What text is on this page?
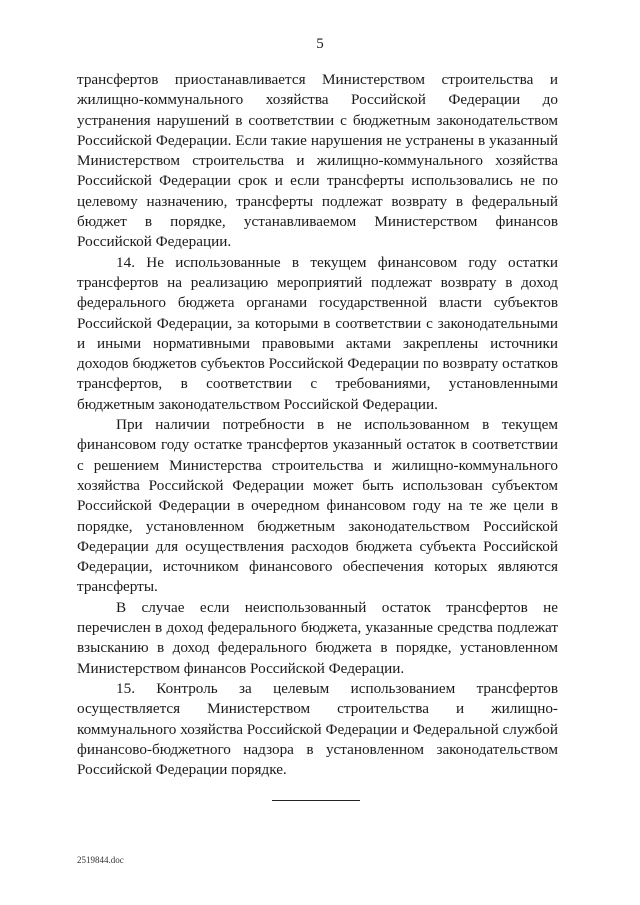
5

трансфертов приостанавливается Министерством строительства и жилищно-коммунального хозяйства Российской Федерации до устранения нарушений в соответствии с бюджетным законодательством Российской Федерации. Если такие нарушения не устранены в указанный Министерством строительства и жилищно-коммунального хозяйства Российской Федерации срок и если трансферты использовались не по целевому назначению, трансферты подлежат возврату в федеральный бюджет в порядке, устанавливаемом Министерством финансов Российской Федерации.

14. Не использованные в текущем финансовом году остатки трансфертов на реализацию мероприятий подлежат возврату в доход федерального бюджета органами государственной власти субъектов Российской Федерации, за которыми в соответствии с законодательными и иными нормативными правовыми актами закреплены источники доходов бюджетов субъектов Российской Федерации по возврату остатков трансфертов, в соответствии с требованиями, установленными бюджетным законодательством Российской Федерации.

При наличии потребности в не использованном в текущем финансовом году остатке трансфертов указанный остаток в соответствии с решением Министерства строительства и жилищно-коммунального хозяйства Российской Федерации может быть использован субъектом Российской Федерации в очередном финансовом году на те же цели в порядке, установленном бюджетным законодательством Российской Федерации для осуществления расходов бюджета субъекта Российской Федерации, источником финансового обеспечения которых являются трансферты.

В случае если неиспользованный остаток трансфертов не перечислен в доход федерального бюджета, указанные средства подлежат взысканию в доход федерального бюджета в порядке, установленном Министерством финансов Российской Федерации.

15. Контроль за целевым использованием трансфертов осуществляется Министерством строительства и жилищно-коммунального хозяйства Российской Федерации и Федеральной службой финансово-бюджетного надзора в установленном законодательством Российской Федерации порядке.

2519844.doc
